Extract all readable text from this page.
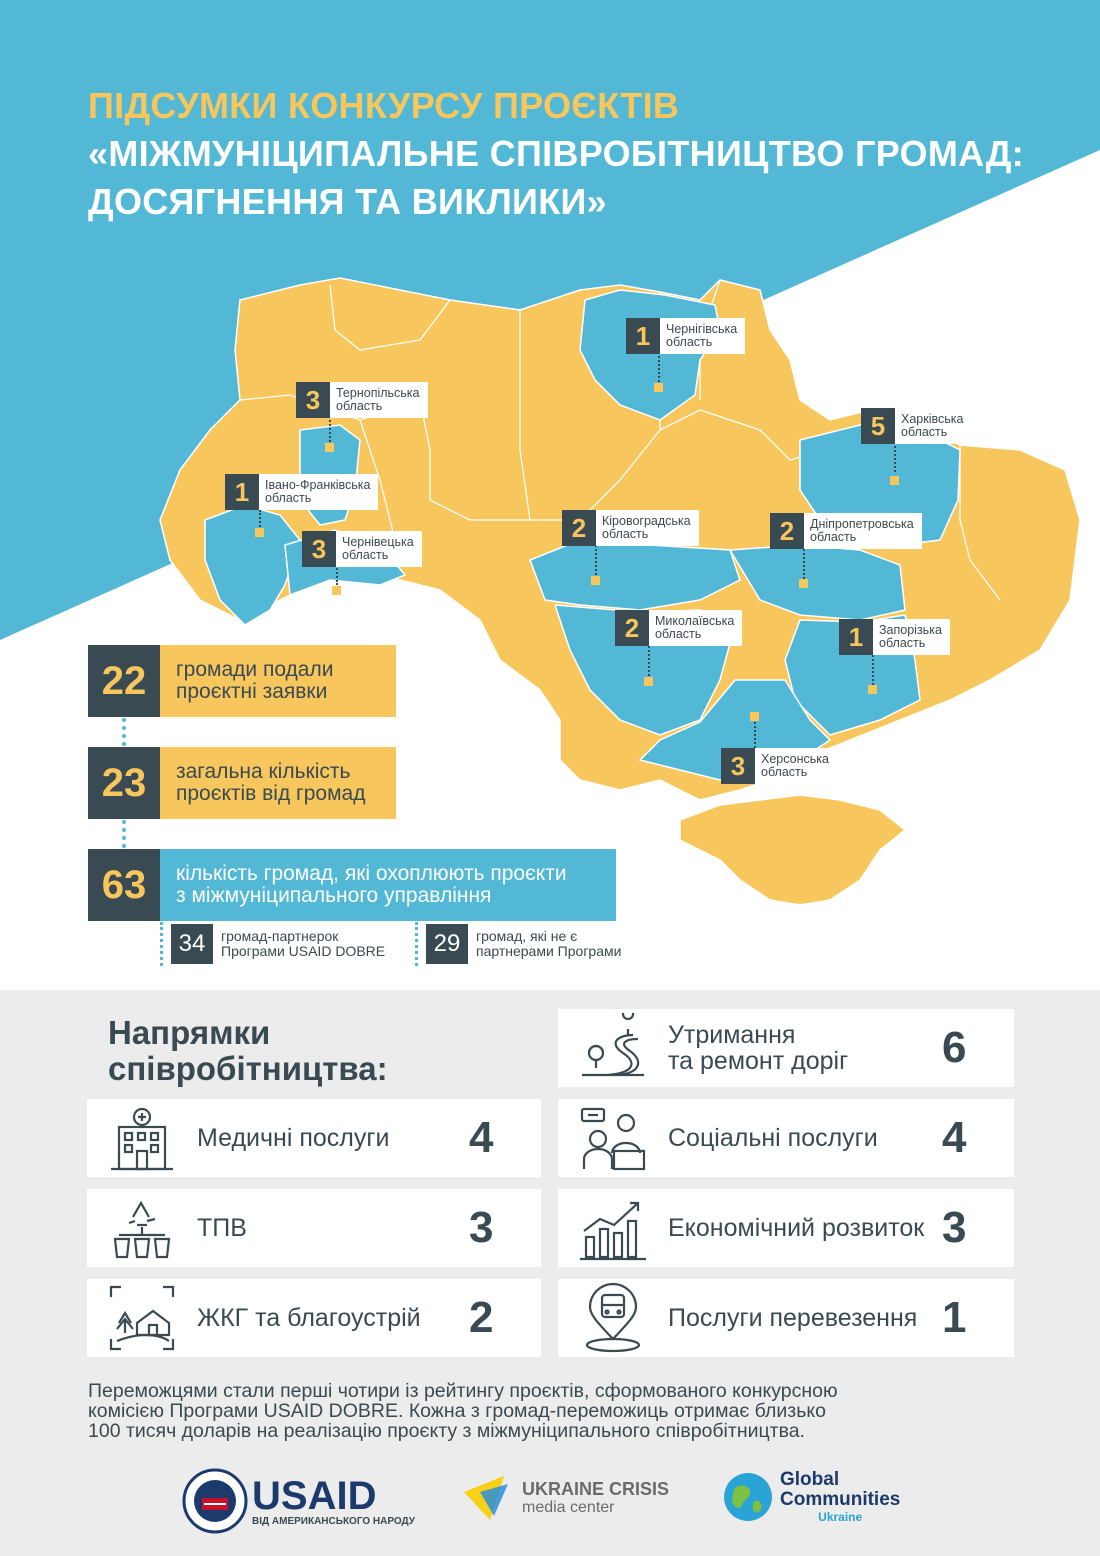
ПІДСУМКИ КОНКУРСУ ПРОЄКТІВ
«МІЖМУНІЦИПАЛЬНЕ СПІВРОБІТНИЦТВО ГРОМАД:
ДОСЯГНЕННЯ ТА ВИКЛИКИ»
1	Чернігівська
область
3	Тернопільська
область
5	Харківська
область
1	Івано-Франківська
область
3	Чернівецька
область
2	Кіровоградська
область	2	Дніпропетровська
область
2	Миколаївська
область	1	Запорізька
область
3	Херсонська
область
22	громади подали
проєктні заявки
23	загальна кількість
проєктів від громад
63	кількість громад, які охоплюють проєкти
з міжмуніципального управління
34	громад-партнерок
Програми USAID DOBRE	29	громад, які не є
партнерами Програми
Напрямки
співробітництва:
Утримання
та ремонт доріг	6
Медичні послуги	4	Соціальні послуги	4
ТПВ	3	Економічний розвиток 3
ЖКГ та благоустрій	2	Послуги перевезення 1
Переможцями стали перші чотири із рейтингу проєктів, сформованого конкурсною
комісією Програми USAID DOBRE. Кожна з громад-переможиць отримає близько
100 тисяч доларів на реалізацію проєкту з міжмуніципального співробітництва.
USAID
ВІД АМЕРИКАНСЬКОГО НАРОДУ
UKRAINE CRISIS
media center
Global
Communities
Ukraine
